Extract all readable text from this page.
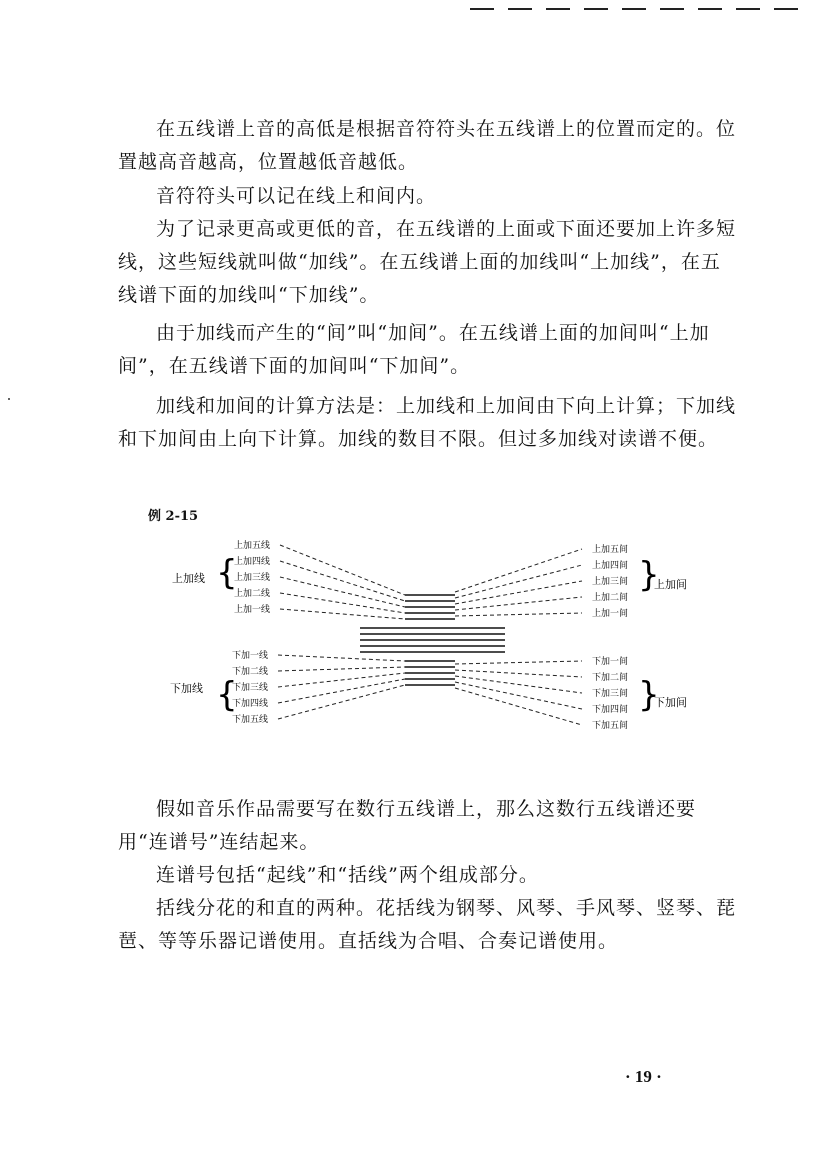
在五线谱上音的高低是根据音符符头在五线谱上的位置而定的。位置越高音越高，位置越低音越低。

音符符头可以记在线上和间内。

为了记录更高或更低的音，在五线谱的上面或下面还要加上许多短线，这些短线就叫做“加线”。在五线谱上面的加线叫“上加线”，在五线谱下面的加线叫“下加线”。

由于加线而产生的“间”叫“加间”。在五线谱上面的加间叫“上加间”，在五线谱下面的加间叫“下加间”。

加线和加间的计算方法是：上加线和上加间由下向上计算；下加线和下加间由上向下计算。加线的数目不限。但过多加线对读谱不便。

例 2-15
{
{
}
}
上加线
下加线
上加间
下加间
上加五线
上加四线
上加三线
上加二线
上加一线
下加一线
下加二线
下加三线
下加四线
下加五线
上加五间
上加四间
上加三间
上加二间
上加一间
下加一间
下加二间
下加三间
下加四间
下加五间

假如音乐作品需要写在数行五线谱上，那么这数行五线谱还要用“连谱号”连结起来。

连谱号包括“起线”和“括线”两个组成部分。

括线分花的和直的两种。花括线为钢琴、风琴、手风琴、竖琴、琵琶、等等乐器记谱使用。直括线为合唱、合奏记谱使用。

· 19 ·
